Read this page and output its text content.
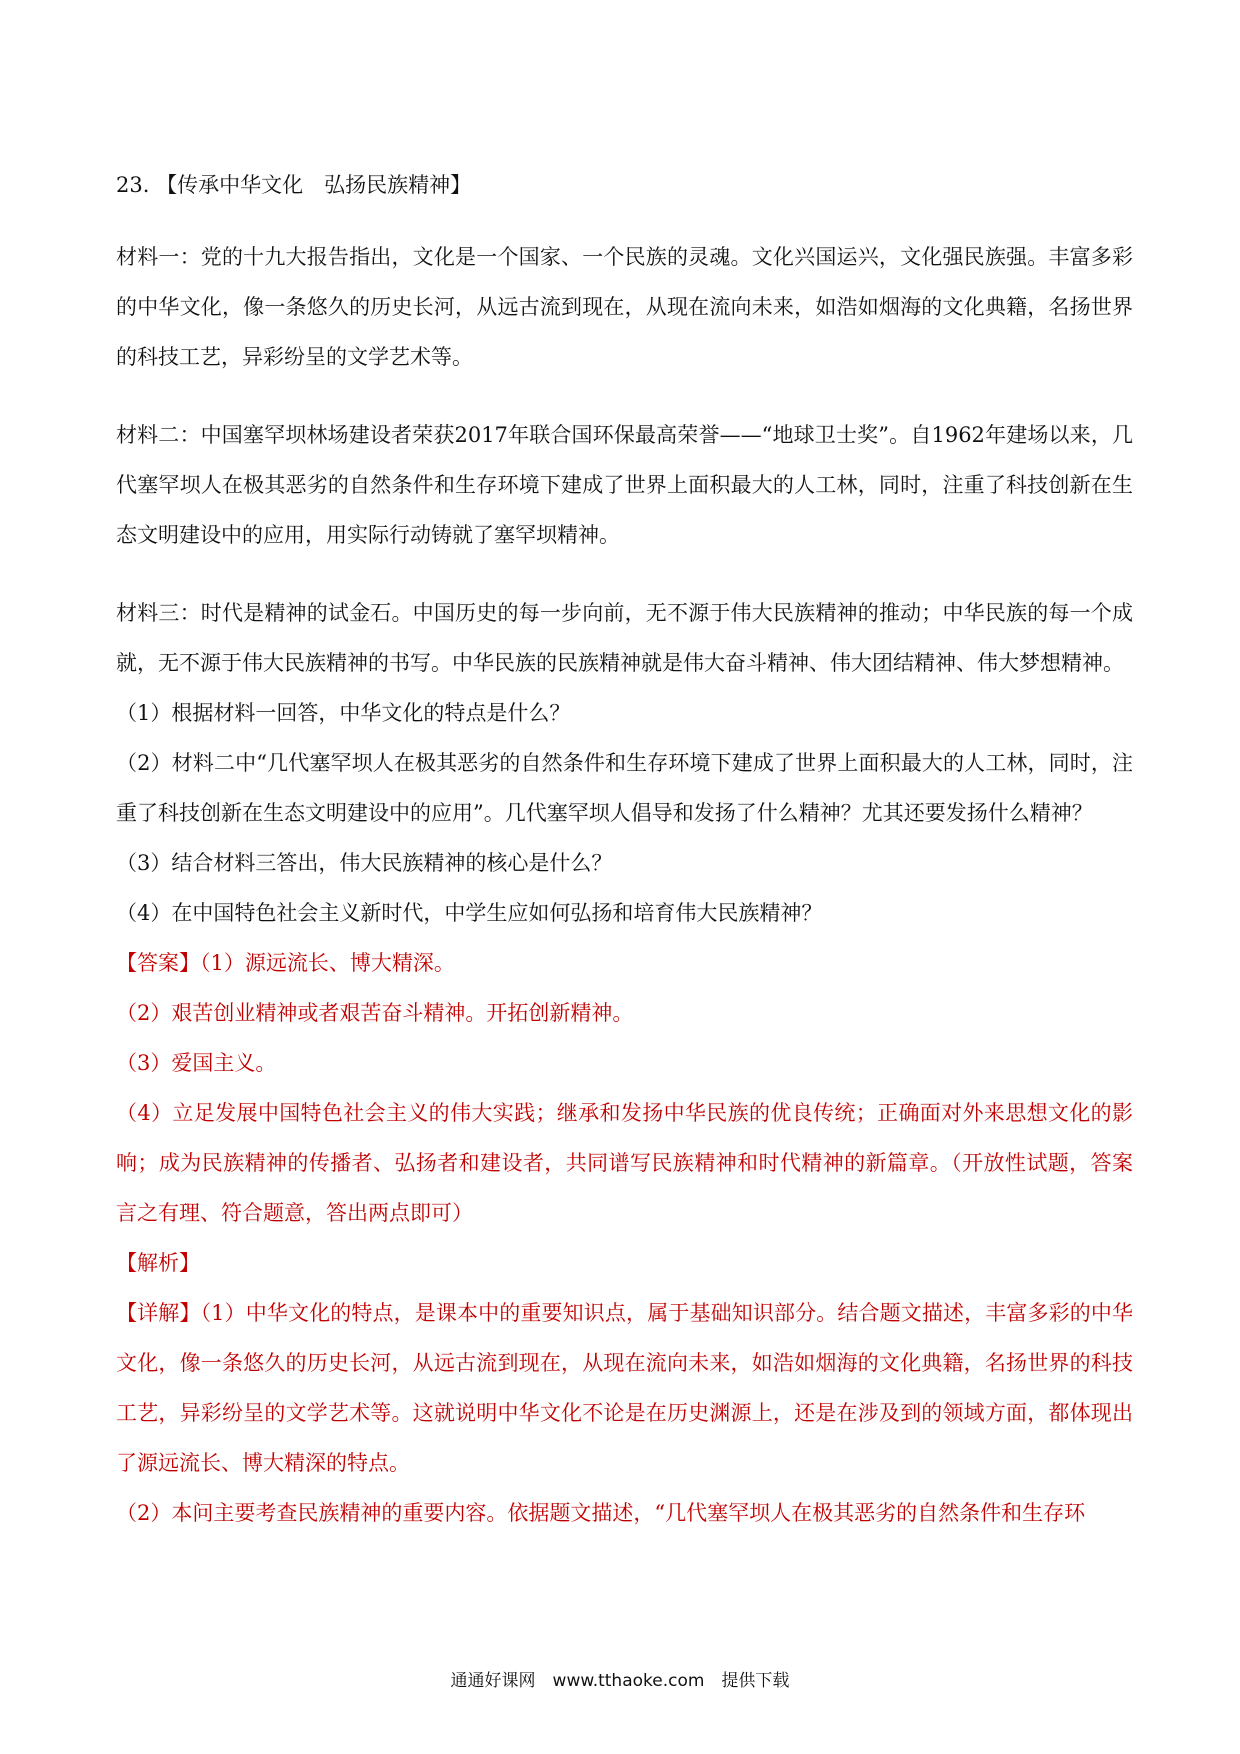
23. 【传承中华文化　弘扬民族精神】

材料一：党的十九大报告指出，文化是一个国家、一个民族的灵魂。文化兴国运兴，文化强民族强。丰富多彩的中华文化，像一条悠久的历史长河，从远古流到现在，从现在流向未来，如浩如烟海的文化典籍，名扬世界的科技工艺，异彩纷呈的文学艺术等。

材料二：中国塞罕坝林场建设者荣获2017年联合国环保最高荣誉——“地球卫士奖”。自1962年建场以来，几代塞罕坝人在极其恶劣的自然条件和生存环境下建成了世界上面积最大的人工林，同时，注重了科技创新在生态文明建设中的应用，用实际行动铸就了塞罕坝精神。

材料三：时代是精神的试金石。中国历史的每一步向前，无不源于伟大民族精神的推动；中华民族的每一个成就，无不源于伟大民族精神的书写。中华民族的民族精神就是伟大奋斗精神、伟大团结精神、伟大梦想精神。

（1）根据材料一回答，中华文化的特点是什么？

（2）材料二中“几代塞罕坝人在极其恶劣的自然条件和生存环境下建成了世界上面积最大的人工林，同时，注重了科技创新在生态文明建设中的应用”。几代塞罕坝人倡导和发扬了什么精神？尤其还要发扬什么精神？

（3）结合材料三答出，伟大民族精神的核心是什么？

（4）在中国特色社会主义新时代，中学生应如何弘扬和培育伟大民族精神？

【答案】（1）源远流长、博大精深。

（2）艰苦创业精神或者艰苦奋斗精神。开拓创新精神。

（3）爱国主义。

（4）立足发展中国特色社会主义的伟大实践；继承和发扬中华民族的优良传统；正确面对外来思想文化的影响；成为民族精神的传播者、弘扬者和建设者，共同谱写民族精神和时代精神的新篇章。（开放性试题，答案言之有理、符合题意，答出两点即可）

【解析】

【详解】（1）中华文化的特点，是课本中的重要知识点，属于基础知识部分。结合题文描述，丰富多彩的中华文化，像一条悠久的历史长河，从远古流到现在，从现在流向未来，如浩如烟海的文化典籍，名扬世界的科技工艺，异彩纷呈的文学艺术等。这就说明中华文化不论是在历史渊源上，还是在涉及到的领域方面，都体现出了源远流长、博大精深的特点。

（2）本问主要考查民族精神的重要内容。依据题文描述，“几代塞罕坝人在极其恶劣的自然条件和生存环

通通好课网　www.tthaoke.com　提供下载
